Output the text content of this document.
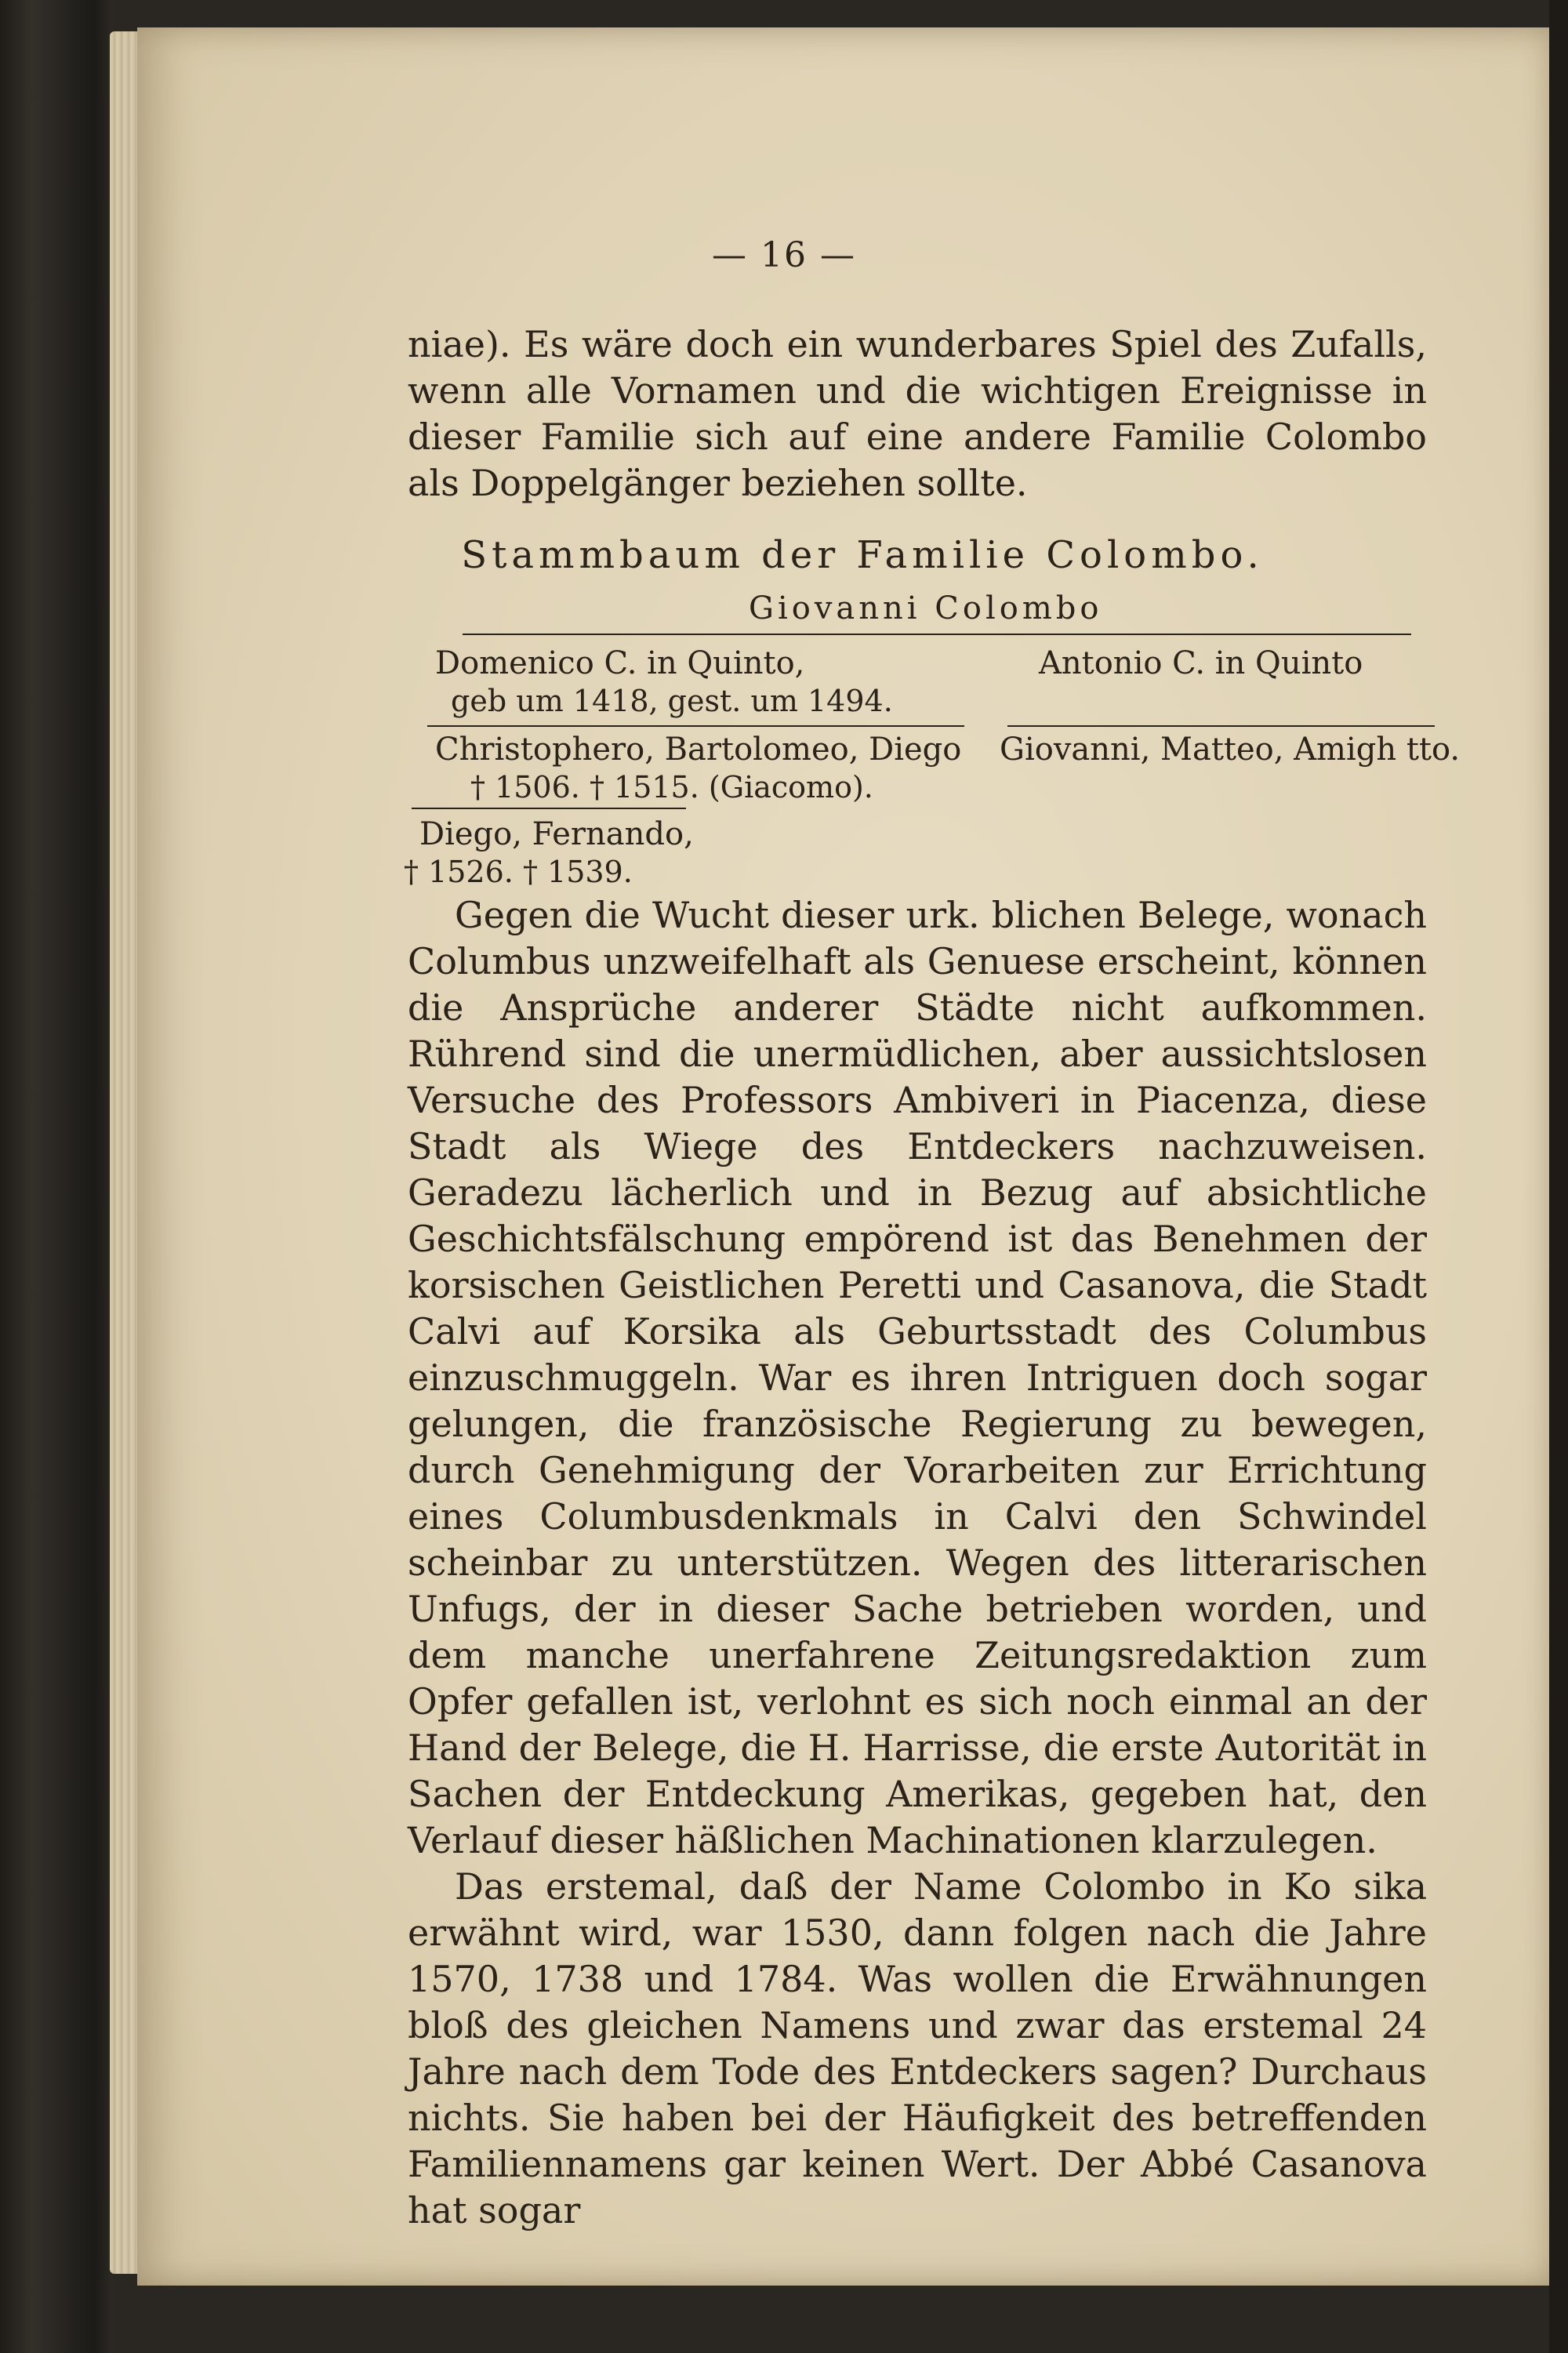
— 16 —

niae). Es wäre doch ein wunderbares Spiel des Zufalls, wenn alle Vornamen und die wichtigen Ereignisse in dieser Familie sich auf eine andere Familie Colombo als Doppelgänger beziehen sollte.

Stammbaum der Familie Colombo.
Giovanni Colombo
Domenico C. in Quinto,	Antonio C. in Quinto
geb um 1418, gest. um 1494.
Christophero, Bartolomeo, Diego Giovanni, Matteo, Amigh tto.
† 1506. † 1515. (Giacomo).
Diego, Fernando,
† 1526. † 1539.

Gegen die Wucht dieser urk. blichen Belege, wonach Columbus unzweifelhaft als Genuese erscheint, können die Ansprüche anderer Städte nicht aufkommen. Rührend sind die unermüdlichen, aber aussichtslosen Versuche des Professors Ambiveri in Piacenza, diese Stadt als Wiege des Entdeckers nachzuweisen. Geradezu lächerlich und in Bezug auf absichtliche Geschichtsfälschung empörend ist das Benehmen der korsischen Geistlichen Peretti und Casanova, die Stadt Calvi auf Korsika als Geburtsstadt des Columbus einzuschmuggeln. War es ihren Intriguen doch sogar gelungen, die französische Regierung zu bewegen, durch Genehmigung der Vorarbeiten zur Errichtung eines Columbusdenkmals in Calvi den Schwindel scheinbar zu unterstützen. Wegen des litterarischen Unfugs, der in dieser Sache betrieben worden, und dem manche unerfahrene Zeitungsredaktion zum Opfer gefallen ist, verlohnt es sich noch einmal an der Hand der Belege, die H. Harrisse, die erste Autorität in Sachen der Entdeckung Amerikas, gegeben hat, den Verlauf dieser häßlichen Machinationen klarzulegen.

Das erstemal, daß der Name Colombo in Ko sika erwähnt wird, war 1530, dann folgen nach die Jahre 1570, 1738 und 1784. Was wollen die Erwähnungen bloß des gleichen Namens und zwar das erstemal 24 Jahre nach dem Tode des Entdeckers sagen? Durchaus nichts. Sie haben bei der Häufigkeit des betreffenden Familiennamens gar keinen Wert. Der Abbé Casanova hat sogar
